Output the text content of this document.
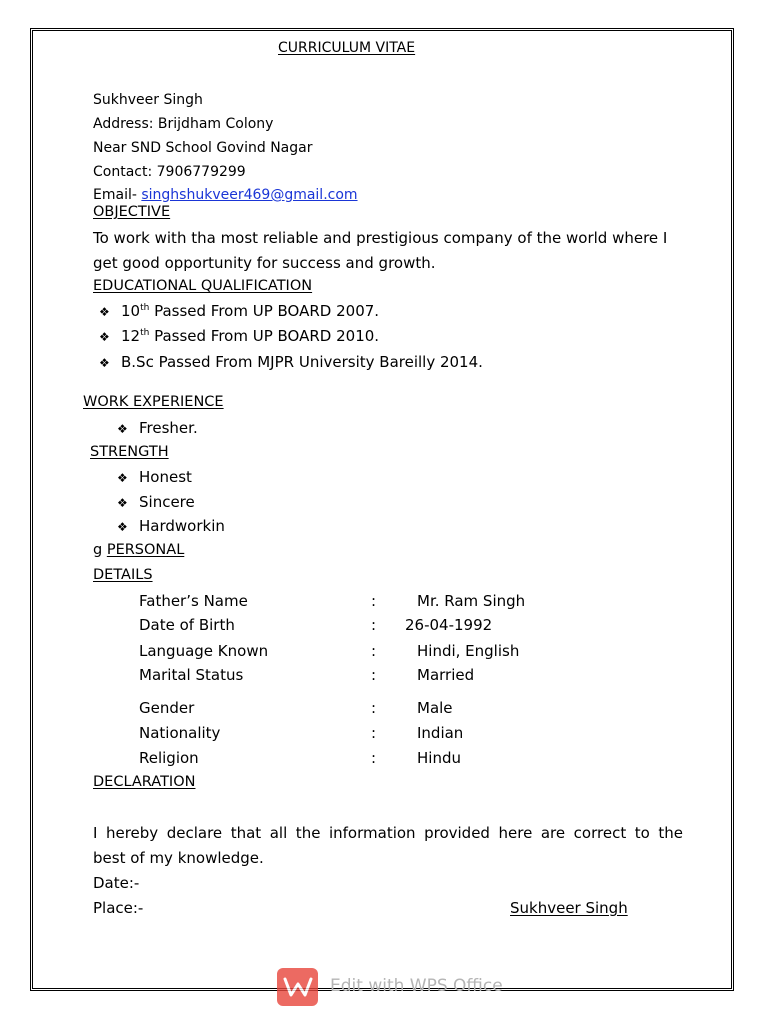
CURRICULUM VITAE
Sukhveer Singh
Address: Brijdham Colony
Near SND School Govind Nagar
Contact: 7906779299
Email- singhshukveer469@gmail.com
OBJECTIVE
To work with tha most reliable and prestigious company of the world where I
get good opportunity for success and growth.
EDUCATIONAL QUALIFICATION
❖ 10th Passed From UP BOARD 2007.
❖ 12th Passed From UP BOARD 2010.
❖ B.Sc Passed From MJPR University Bareilly 2014.
WORK EXPERIENCE
❖ Fresher.
STRENGTH
❖ Honest
❖ Sincere
❖ Hardworkin
g PERSONAL
DETAILS
Father’s Name	:	Mr. Ram Singh
Date of Birth	: 26-04-1992
Language Known	:	Hindi, English
Marital Status	:	Married
Gender	:	Male
Nationality	:	Indian
Religion	:	Hindu
DECLARATION
I hereby declare that all the information provided here are correct to the
best of my knowledge.
Date:-
Place:-	Sukhveer Singh
Edit with WPS Office
